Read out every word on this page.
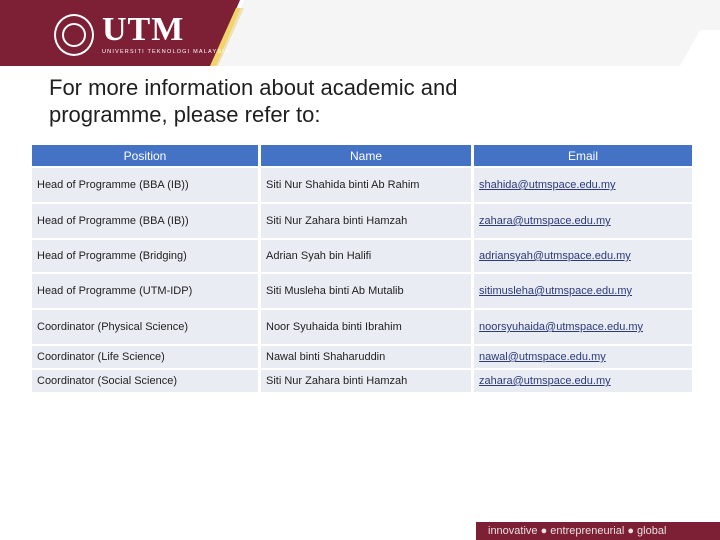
UTM
UNIVERSITI TEKNOLOGI MALAYSIA
For more information about academic and programme, please refer to:
Position	Name	Email
Head of Programme (BBA (IB))	Siti Nur Shahida binti Ab Rahim	shahida@utmspace.edu.my
Head of Programme (BBA (IB))	Siti Nur Zahara binti Hamzah	zahara@utmspace.edu.my
Head of Programme (Bridging)	Adrian Syah bin Halifi	adriansyah@utmspace.edu.my
Head of Programme (UTM-IDP)	Siti Musleha binti Ab Mutalib	sitimusleha@utmspace.edu.my
Coordinator (Physical Science)	Noor Syuhaida binti Ibrahim	noorsyuhaida@utmspace.edu.my
Coordinator (Life Science)	Nawal binti Shaharuddin	nawal@utmspace.edu.my
Coordinator (Social Science)	Siti Nur Zahara binti Hamzah	zahara@utmspace.edu.my
innovative ● entrepreneurial ● global
